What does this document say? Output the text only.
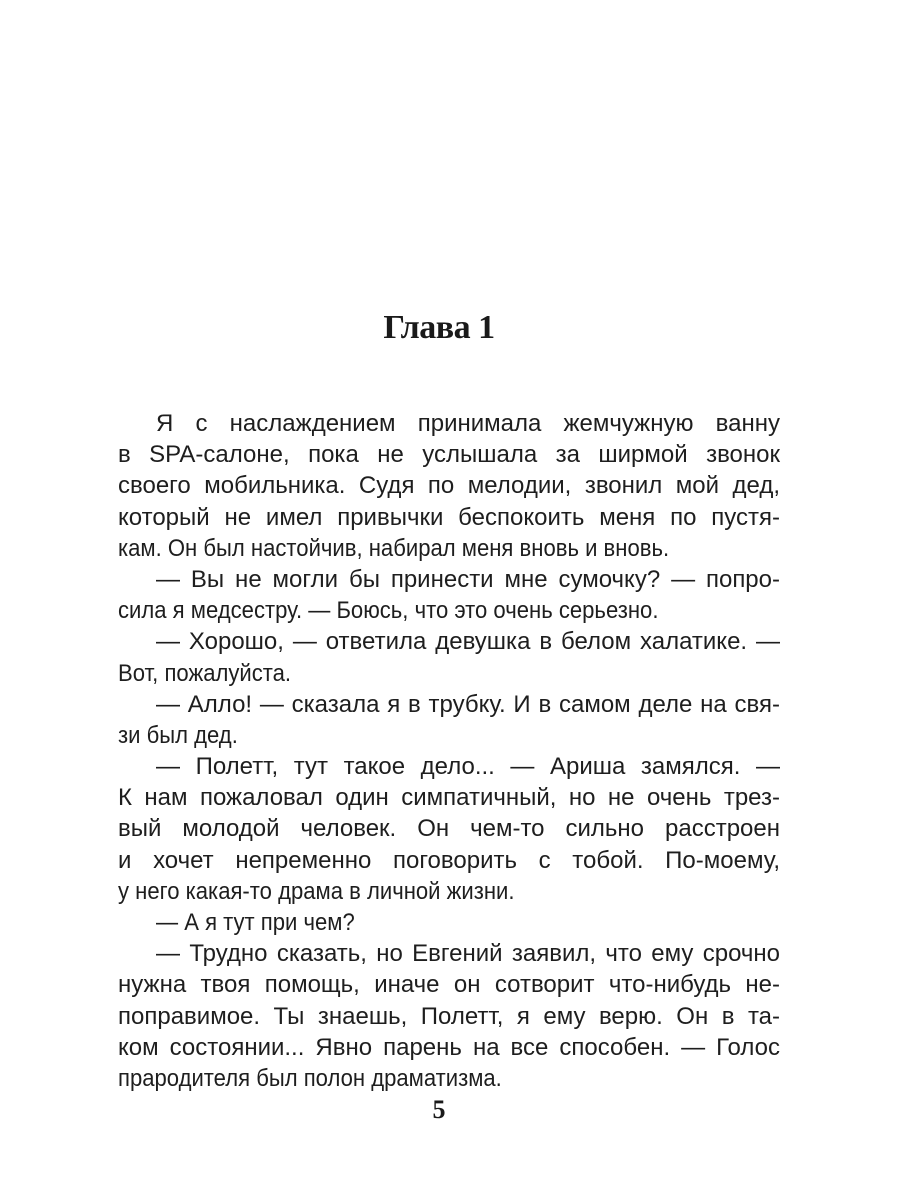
Глава 1
Я с наслаждением принимала жемчужную ванну
в SPA-салоне, пока не услышала за ширмой звонок
своего мобильника. Судя по мелодии, звонил мой дед,
который не имел привычки беспокоить меня по пустя-
кам. Он был настойчив, набирал меня вновь и вновь.
— Вы не могли бы принести мне сумочку? — попро-
сила я медсестру. — Боюсь, что это очень серьезно.
— Хорошо, — ответила девушка в белом халатике. —
Вот, пожалуйста.
— Алло! — сказала я в трубку. И в самом деле на свя-
зи был дед.
— Полетт, тут такое дело... — Ариша замялся. —
К нам пожаловал один симпатичный, но не очень трез-
вый молодой человек. Он чем-то сильно расстроен
и хочет непременно поговорить с тобой. По-моему,
у него какая-то драма в личной жизни.
— А я тут при чем?
— Трудно сказать, но Евгений заявил, что ему срочно
нужна твоя помощь, иначе он сотворит что-нибудь не-
поправимое. Ты знаешь, Полетт, я ему верю. Он в та-
ком состоянии... Явно парень на все способен. — Голос
прародителя был полон драматизма.
5
